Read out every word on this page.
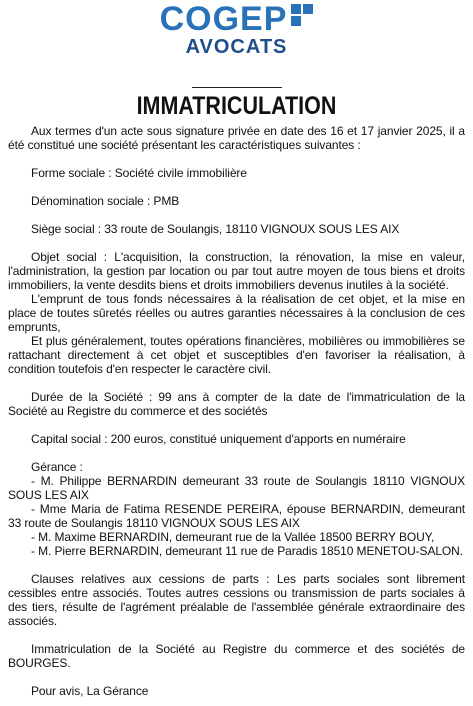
COGEP
AVOCATS
IMMATRICULATION

Aux termes d'un acte sous signature privée en date des 16 et 17 janvier 2025, il a été constitué une société présentant les caractéristiques suivantes :

Forme sociale : Société civile immobilière

Dénomination sociale : PMB

Siège social : 33 route de Soulangis, 18110 VIGNOUX SOUS LES AIX

Objet social : L'acquisition, la construction, la rénovation, la mise en valeur, l'administration, la gestion par location ou par tout autre moyen de tous biens et droits immobiliers, la vente desdits biens et droits immobiliers devenus inutiles à la société.

L'emprunt de tous fonds nécessaires à la réalisation de cet objet, et la mise en place de toutes sûretés réelles ou autres garanties nécessaires à la conclusion de ces emprunts,

Et plus généralement, toutes opérations financières, mobilières ou immobilières se rattachant directement à cet objet et susceptibles d'en favoriser la réalisation, à condition toutefois d'en respecter le caractère civil.

Durée de la Société : 99 ans à compter de la date de l'immatriculation de la Société au Registre du commerce et des sociétés

Capital social : 200 euros, constitué uniquement d'apports en numéraire

Gérance :

- M. Philippe BERNARDIN demeurant 33 route de Soulangis 18110 VIGNOUX SOUS LES AIX

- Mme Maria de Fatima RESENDE PEREIRA, épouse BERNARDIN, demeurant 33 route de Soulangis 18110 VIGNOUX SOUS LES AIX

- M. Maxime BERNARDIN, demeurant rue de la Vallée 18500 BERRY BOUY,

- M. Pierre BERNARDIN, demeurant 11 rue de Paradis 18510 MENETOU-SALON.

Clauses relatives aux cessions de parts : Les parts sociales sont librement cessibles entre associés. Toutes autres cessions ou transmission de parts sociales à des tiers, résulte de l'agrément préalable de l'assemblée générale extraordinaire des associés.

Immatriculation de la Société au Registre du commerce et des sociétés de BOURGES.

Pour avis, La Gérance
